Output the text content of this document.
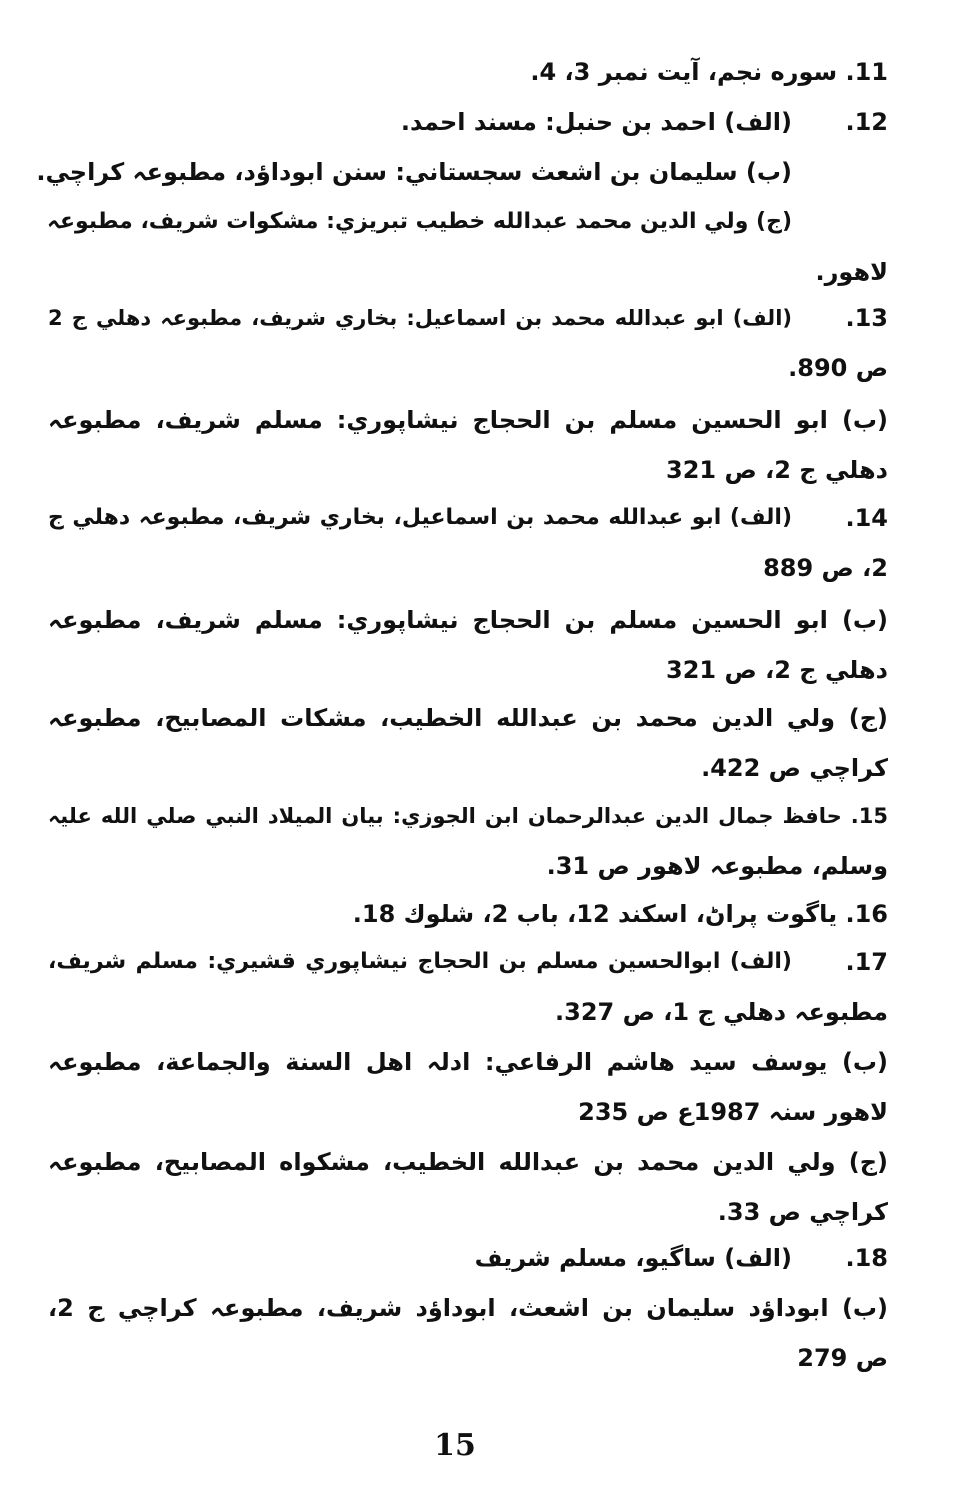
11. سوره نجم، آیت نمبر 3، 4.
.12
(الف) احمد بن حنبل: مسند احمد.
(ب) سليمان بن اشعث سجستاني: سنن ابوداؤد، مطبوعہ كراچي.
(ج) ولي الدين محمد عبدالله خطيب تبريزي: مشكوات شريف، مطبوعہ
لاهور.
.13
(الف) ابو عبدالله محمد بن اسماعيل: بخاري شريف، مطبوعہ دهلي ج 2
ص 890.
(ب) ابو الحسين مسلم بن الحجاج نيشاپوري: مسلم شريف، مطبوعہ
دهلي ج 2، ص 321
.14
(الف) ابو عبدالله محمد بن اسماعيل، بخاري شريف، مطبوعہ دهلي ج
2، ص 889
(ب) ابو الحسين مسلم بن الحجاج نيشاپوري: مسلم شريف، مطبوعہ
دهلي ج 2، ص 321
(ج) ولي الدين محمد بن عبدالله الخطيب، مشكات المصابيح، مطبوعہ
كراچي ص 422.
15. حافظ جمال الدين عبدالرحمان ابن الجوزي: بيان الميلاد النبي صلي الله عليہ
وسلم، مطبوعہ لاهور ص 31.
16. ياگوت پراڻ، اسكند 12، باب 2، شلوك 18.
.17
(الف) ابوالحسين مسلم بن الحجاج نيشاپوري قشيري: مسلم شريف،
مطبوعہ دهلي ج 1، ص 327.
(ب) يوسف سيد هاشم الرفاعي: ادلہ اهل السنة والجماعة، مطبوعہ
لاهور سنہ 1987ع ص 235
(ج) ولي الدين محمد بن عبدالله الخطيب، مشكواه المصابيح، مطبوعہ
كراچي ص 33.
.18
(الف) ساگيو، مسلم شريف
(ب) ابوداؤد سليمان بن اشعث، ابوداؤد شريف، مطبوعہ كراچي ج 2،
ص 279
15
